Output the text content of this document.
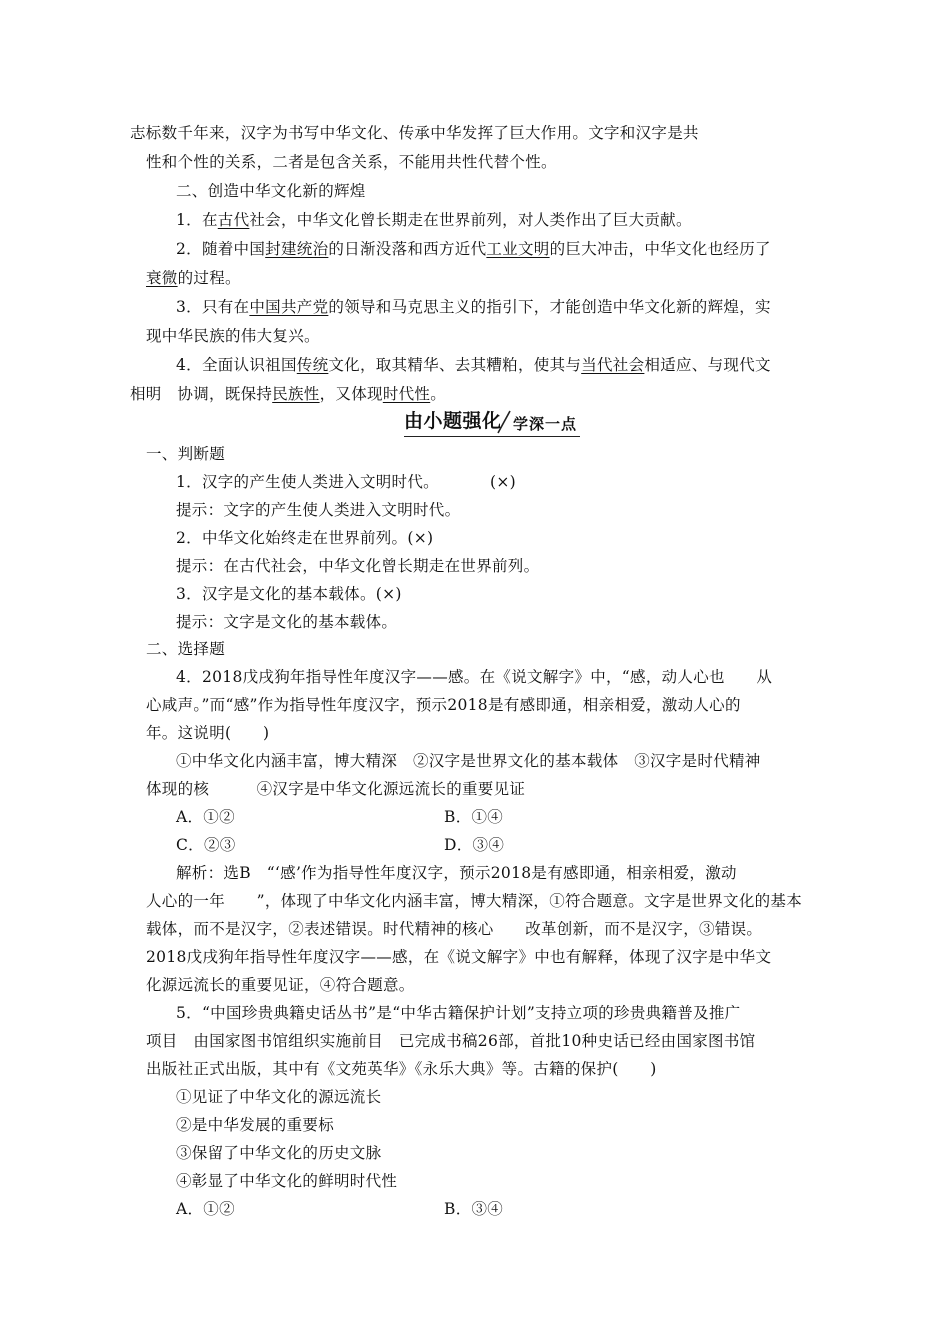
志标数千年来，汉字为书写中华文化、传承中华发挥了巨大作用。文字和汉字是共
性和个性的关系，二者是包含关系，不能用共性代替个性。
二、创造中华文化新的辉煌
1．在古代社会，中华文化曾长期走在世界前列，对人类作出了巨大贡献。
2．随着中国封建统治的日渐没落和西方近代工业文明的巨大冲击，中华文化也经历了
衰微的过程。
3．只有在中国共产党的领导和马克思主义的指引下，才能创造中华文化新的辉煌，实
现中华民族的伟大复兴。
4．全面认识祖国传统文化，取其精华、去其糟粕，使其与当代社会相适应、与现代文
相明　协调，既保持民族性，又体现时代性。
由小题强化 学深一点
一、判断题
1．汉字的产生使人类进入文明时代。	(×)
提示：文字的产生使人类进入文明时代。
2．中华文化始终走在世界前列。(×)
提示：在古代社会，中华文化曾长期走在世界前列。
3．汉字是文化的基本载体。(×)
提示：文字是文化的基本载体。
二、选择题
4．2018戊戌狗年指导性年度汉字——感。在《说文解字》中，“感，动人心也　　从
心咸声。”而“感”作为指导性年度汉字，预示2018是有感即通，相亲相爱，激动人心的
年。这说明(　　)
①中华文化内涵丰富，博大精深　②汉字是世界文化的基本载体　③汉字是时代精神
体现的核　　　④汉字是中华文化源远流长的重要见证
A．①②	B．①④
C．②③	D．③④
解析：选B　“‘感’作为指导性年度汉字，预示2018是有感即通，相亲相爱，激动
人心的一年　　”，体现了中华文化内涵丰富，博大精深，①符合题意。文字是世界文化的基本
载体，而不是汉字，②表述错误。时代精神的核心　　改革创新，而不是汉字，③错误。
2018戊戌狗年指导性年度汉字——感，在《说文解字》中也有解释，体现了汉字是中华文
化源远流长的重要见证，④符合题意。
5．“中国珍贵典籍史话丛书”是“中华古籍保护计划”支持立项的珍贵典籍普及推广
项目　由国家图书馆组织实施前目　已完成书稿26部，首批10种史话已经由国家图书馆
出版社正式出版，其中有《文苑英华》《永乐大典》等。古籍的保护(　　)
①见证了中华文化的源远流长
②是中华发展的重要标
③保留了中华文化的历史文脉
④彰显了中华文化的鲜明时代性
A．①②	B．③④
